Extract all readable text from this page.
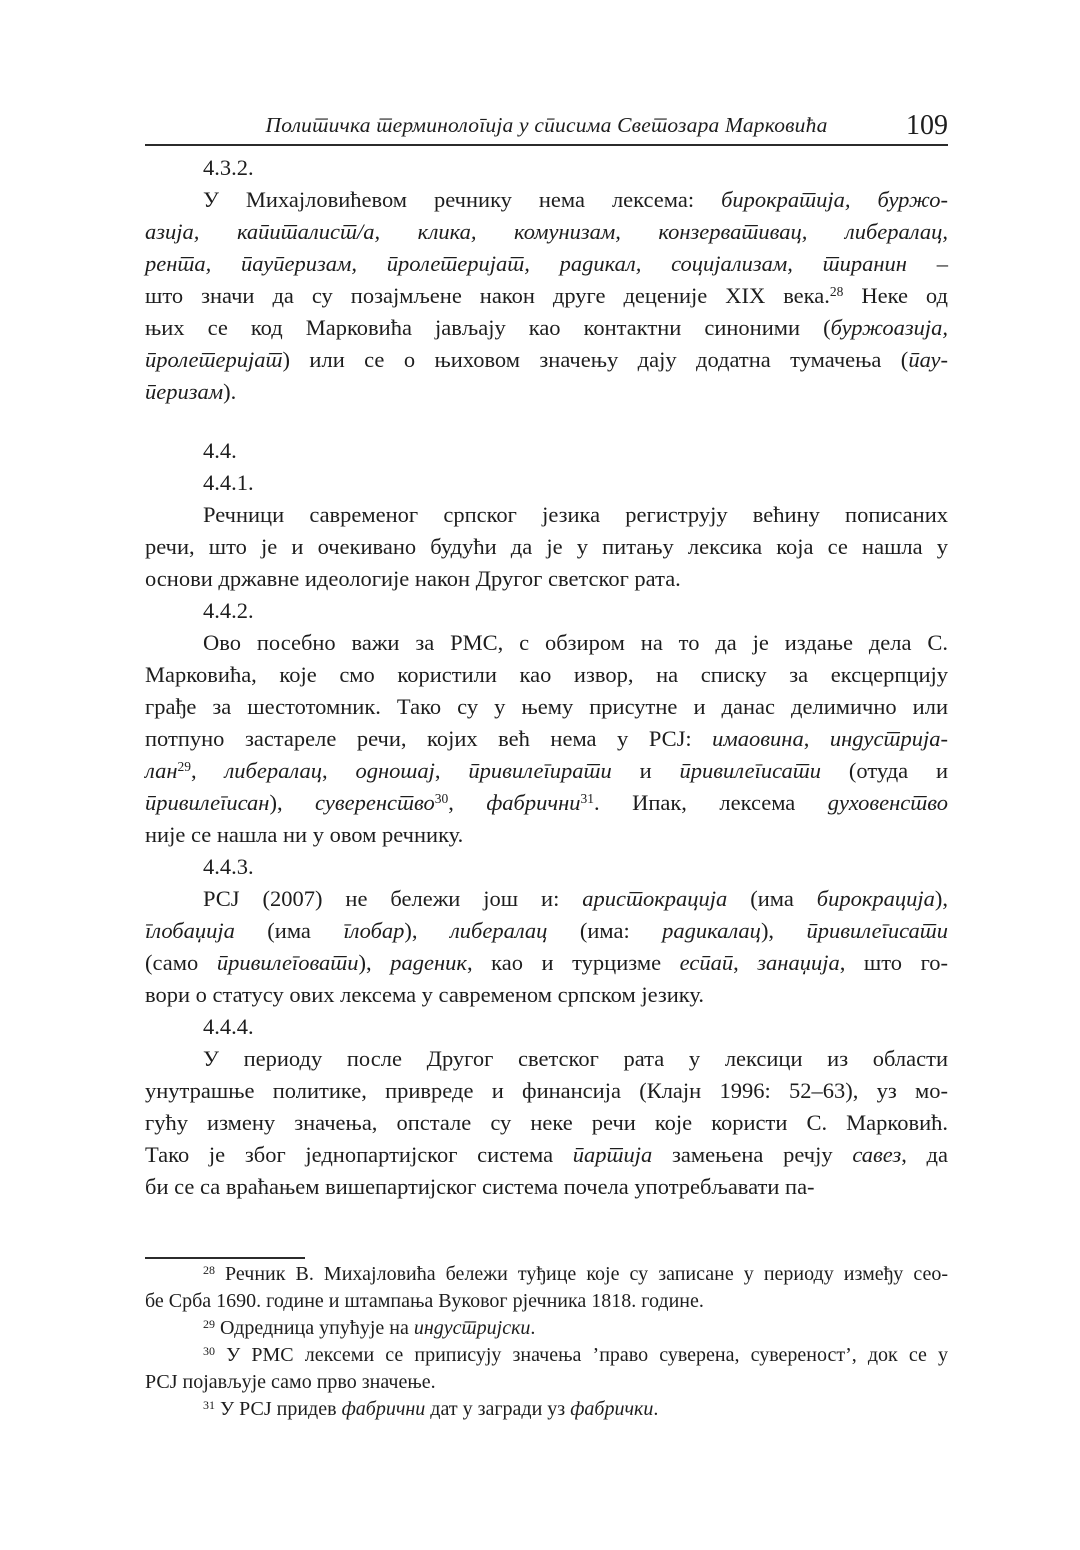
Политичка терминологија у списима Светозара Марковића	109
4.3.2.
У Михајловићевом речнику нема лексема: бирократија, буржо-
азија, капиталист/а, клика, комунизам, конзервативац, либералац,
рента, пауперизам, пролетеријат, радикал, социјализам, тиранин –
што значи да су позајмљене након друге деценије XIX века.$^{28}$ Неке од
њих се код Марковића јављају као контактни синоними (буржоазија,
пролетеријат) или се о њиховом значењу дају додатна тумачења (пау-
перизам).
4.4.
4.4.1.
Речници савременог српског језика региструју већину пописаних
речи, што је и очекивано будући да је у питању лексика која се нашла у
основи државне идеологије након Другог светског рата.
4.4.2.
Ово посебно важи за РМС, с обзиром на то да је издање дела С.
Марковића, које смо користили као извор, на списку за ексцерпцију
грађе за шестотомник. Тако су у њему присутне и данас делимично или
потпуно застареле речи, којих већ нема у РСЈ: имаовина, индустрија-
лан$^{29}$, либералац, одношај, привилегирати и привилегисати (отуда и
привилегисан), суверенство$^{30}$, фабрични$^{31}$. Ипак, лексема духовенство
није се нашла ни у овом речнику.
4.4.3.
РСЈ (2007) не бележи још и: аристокрација (има бирокрација),
глобаџија (има глобар), либералац (има: радикалац), привилегисати
(само привилеговати), раденик, као и турцизме еспап, занаџија, што го-
вори о статусу ових лексема у савременом српском језику.
4.4.4.
У периоду после Другог светског рата у лексици из области
унутрашње политике, привреде и финансија (Клајн 1996: 52–63), уз мо-
гућу измену значења, опстале су неке речи које користи С. Марковић.
Тако је због једнопартијског система партија замењена речју савез, да
би се са враћањем вишепартијског система почела употребљавати па-
$^{28}$ Речник В. Михајловића бележи туђице које су записане у периоду између сео-
бе Срба 1690. године и штампања Вуковог рјечника 1818. године.
$^{29}$ Одредница упућује на индустријски.
$^{30}$ У РМС лексеми се приписују значења ’право суверена, сувереност’, док се у
РСЈ појављује само прво значење.
$^{31}$ У РСЈ придев фабрични дат у загради уз фабрички.
